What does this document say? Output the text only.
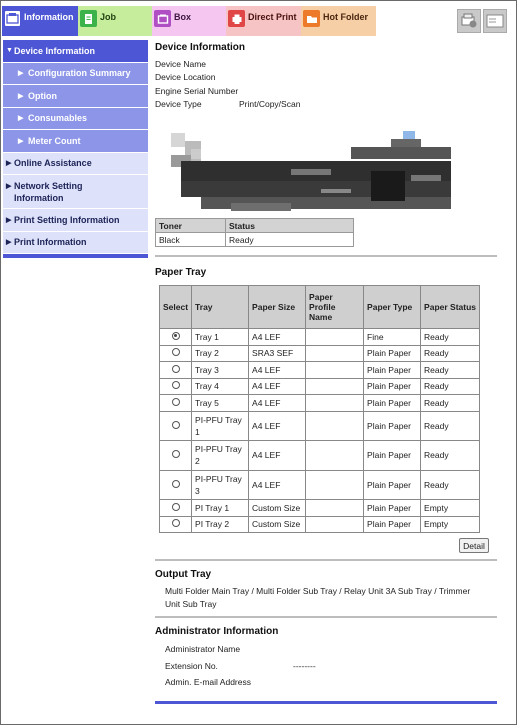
Information	Job	Box	Direct Print	Hot Folder
▼ Device Information
▶ Configuration Summary
▶ Option
▶ Consumables
▶ Meter Count
▶ Online Assistance
▶ Network Setting Information
▶ Print Setting Information
▶ Print Information
Device Information
Device Name
Device Location
Engine Serial Number
Device Type	Print/Copy/Scan
Toner	Status
Black	Ready
Paper Tray
Select	Tray	Paper Size	Paper Profile Name	Paper Type	Paper Status
	Tray 1	A4 LEF		Fine	Ready
	Tray 2	SRA3 SEF		Plain Paper	Ready
	Tray 3	A4 LEF		Plain Paper	Ready
	Tray 4	A4 LEF		Plain Paper	Ready
	Tray 5	A4 LEF		Plain Paper	Ready
	PI-PFU Tray 1	A4 LEF		Plain Paper	Ready
	PI-PFU Tray 2	A4 LEF		Plain Paper	Ready
	PI-PFU Tray 3	A4 LEF		Plain Paper	Ready
	PI Tray 1	Custom Size		Plain Paper	Empty
	PI Tray 2	Custom Size		Plain Paper	Empty
Detail
Output Tray
Multi Folder Main Tray / Multi Folder Sub Tray / Relay Unit 3A Sub Tray / Trimmer Unit Sub Tray
Administrator Information
Administrator Name
Extension No.	--------
Admin. E-mail Address
